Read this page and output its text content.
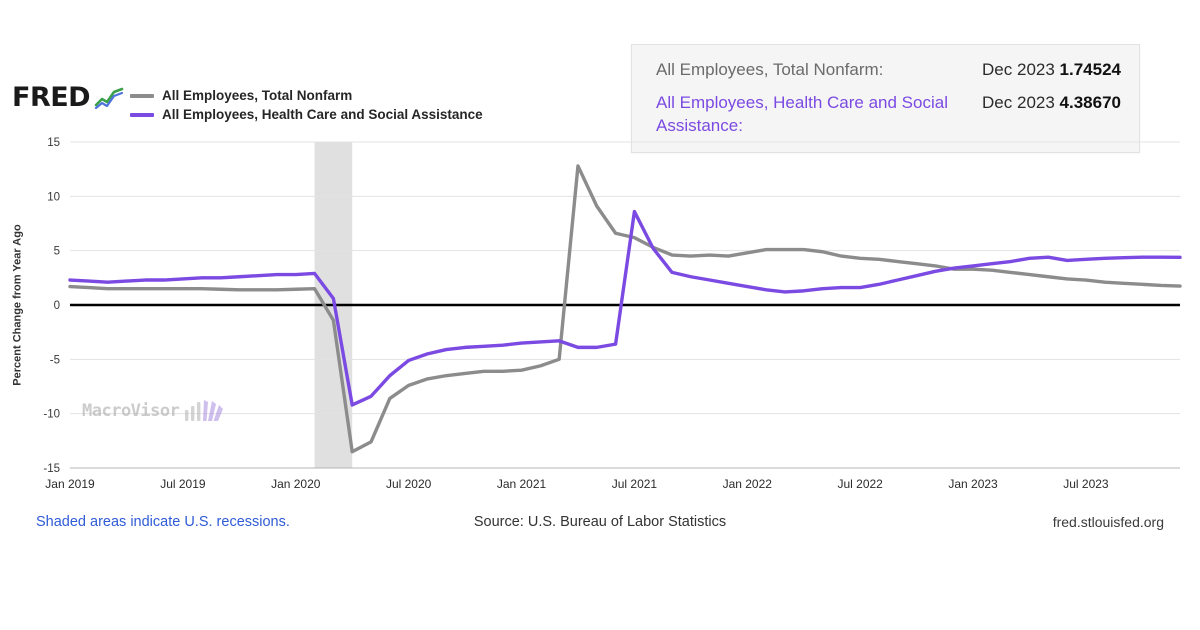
FRED	All Employees, Total Nonfarm
All Employees, Health Care and Social Assistance
All Employees, Total Nonfarm:	Dec 2023 1.74524
All Employees, Health Care and Social Assistance:
Dec 2023 4.38670
Percent Change from Year Ago
15
10
5
0
-5
-10
-15
Jan 2019	Jul 2019	Jan 2020	Jul 2020	Jan 2021	Jul 2021	Jan 2022	Jul 2022	Jan 2023	Jul 2023
MacroVisor
Shaded areas indicate U.S. recessions.	Source: U.S. Bureau of Labor Statistics	fred.stlouisfed.org
